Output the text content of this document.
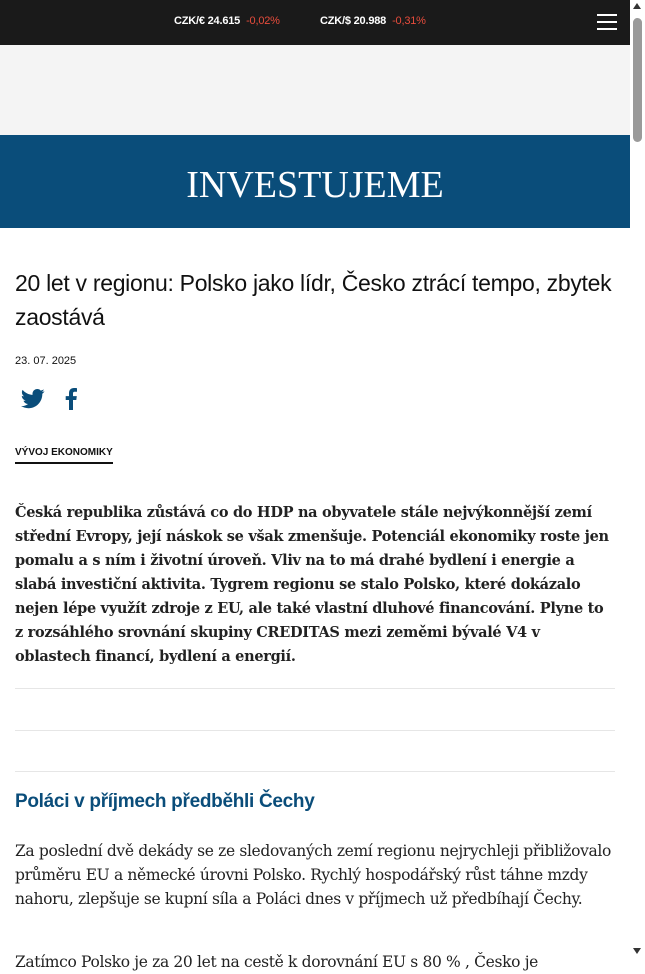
CZK/€ 24.615 -0,02%	CZK/$ 20.988 -0,31%
INVESTUJEME
20 let v regionu: Polsko jako lídr, Česko ztrácí tempo, zbytek zaostává
23. 07. 2025
VÝVOJ EKONOMIKY

Česká republika zůstává co do HDP na obyvatele stále nejvýkonnější zemí střední Evropy, její náskok se však zmenšuje. Potenciál ekonomiky roste jen pomalu a s ním i životní úroveň. Vliv na to má drahé bydlení i energie a slabá investiční aktivita. Tygrem regionu se stalo Polsko, které dokázalo nejen lépe využít zdroje z EU, ale také vlastní dluhové financování. Plyne to z rozsáhlého srovnání skupiny CREDITAS mezi zeměmi bývalé V4 v oblastech financí, bydlení a energií.

Poláci v příjmech předběhli Čechy

Za poslední dvě dekády se ze sledovaných zemí regionu nejrychleji přibližovalo průměru EU a německé úrovni Polsko. Rychlý hospodářský růst táhne mzdy nahoru, zlepšuje se kupní síla a Poláci dnes v příjmech už předbíhají Čechy.

Zatímco Polsko je za 20 let na cestě k dorovnání EU s 80 % , Česko je
